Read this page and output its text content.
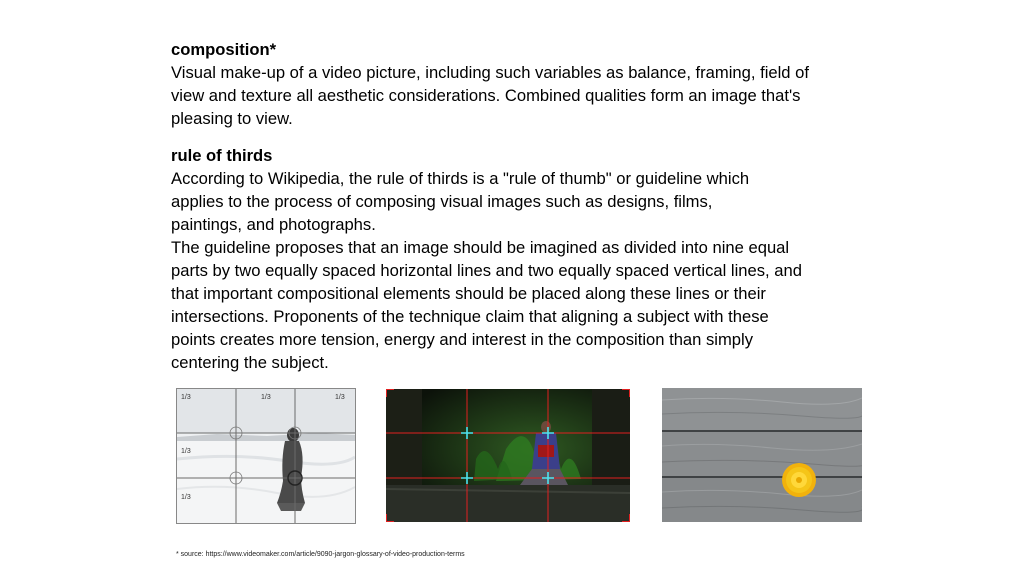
composition*
Visual make-up of a video picture, including such variables as balance, framing, field of
view and texture all aesthetic considerations. Combined qualities form an image that's
pleasing to view.
rule of thirds
According to Wikipedia, the rule of thirds is a "rule of thumb" or guideline which
applies to the process of composing visual images such as designs, films,
paintings, and photographs.
The guideline proposes that an image should be imagined as divided into nine equal
parts by two equally spaced horizontal lines and two equally spaced vertical lines, and
that important compositional elements should be placed along these lines or their
intersections. Proponents of the technique claim that aligning a subject with these
points creates more tension, energy and interest in the composition than simply
centering the subject.
1/3	1/3	1/3
1/3
1/3
* source: https://www.videomaker.com/article/9090-jargon-glossary-of-video-production-terms
